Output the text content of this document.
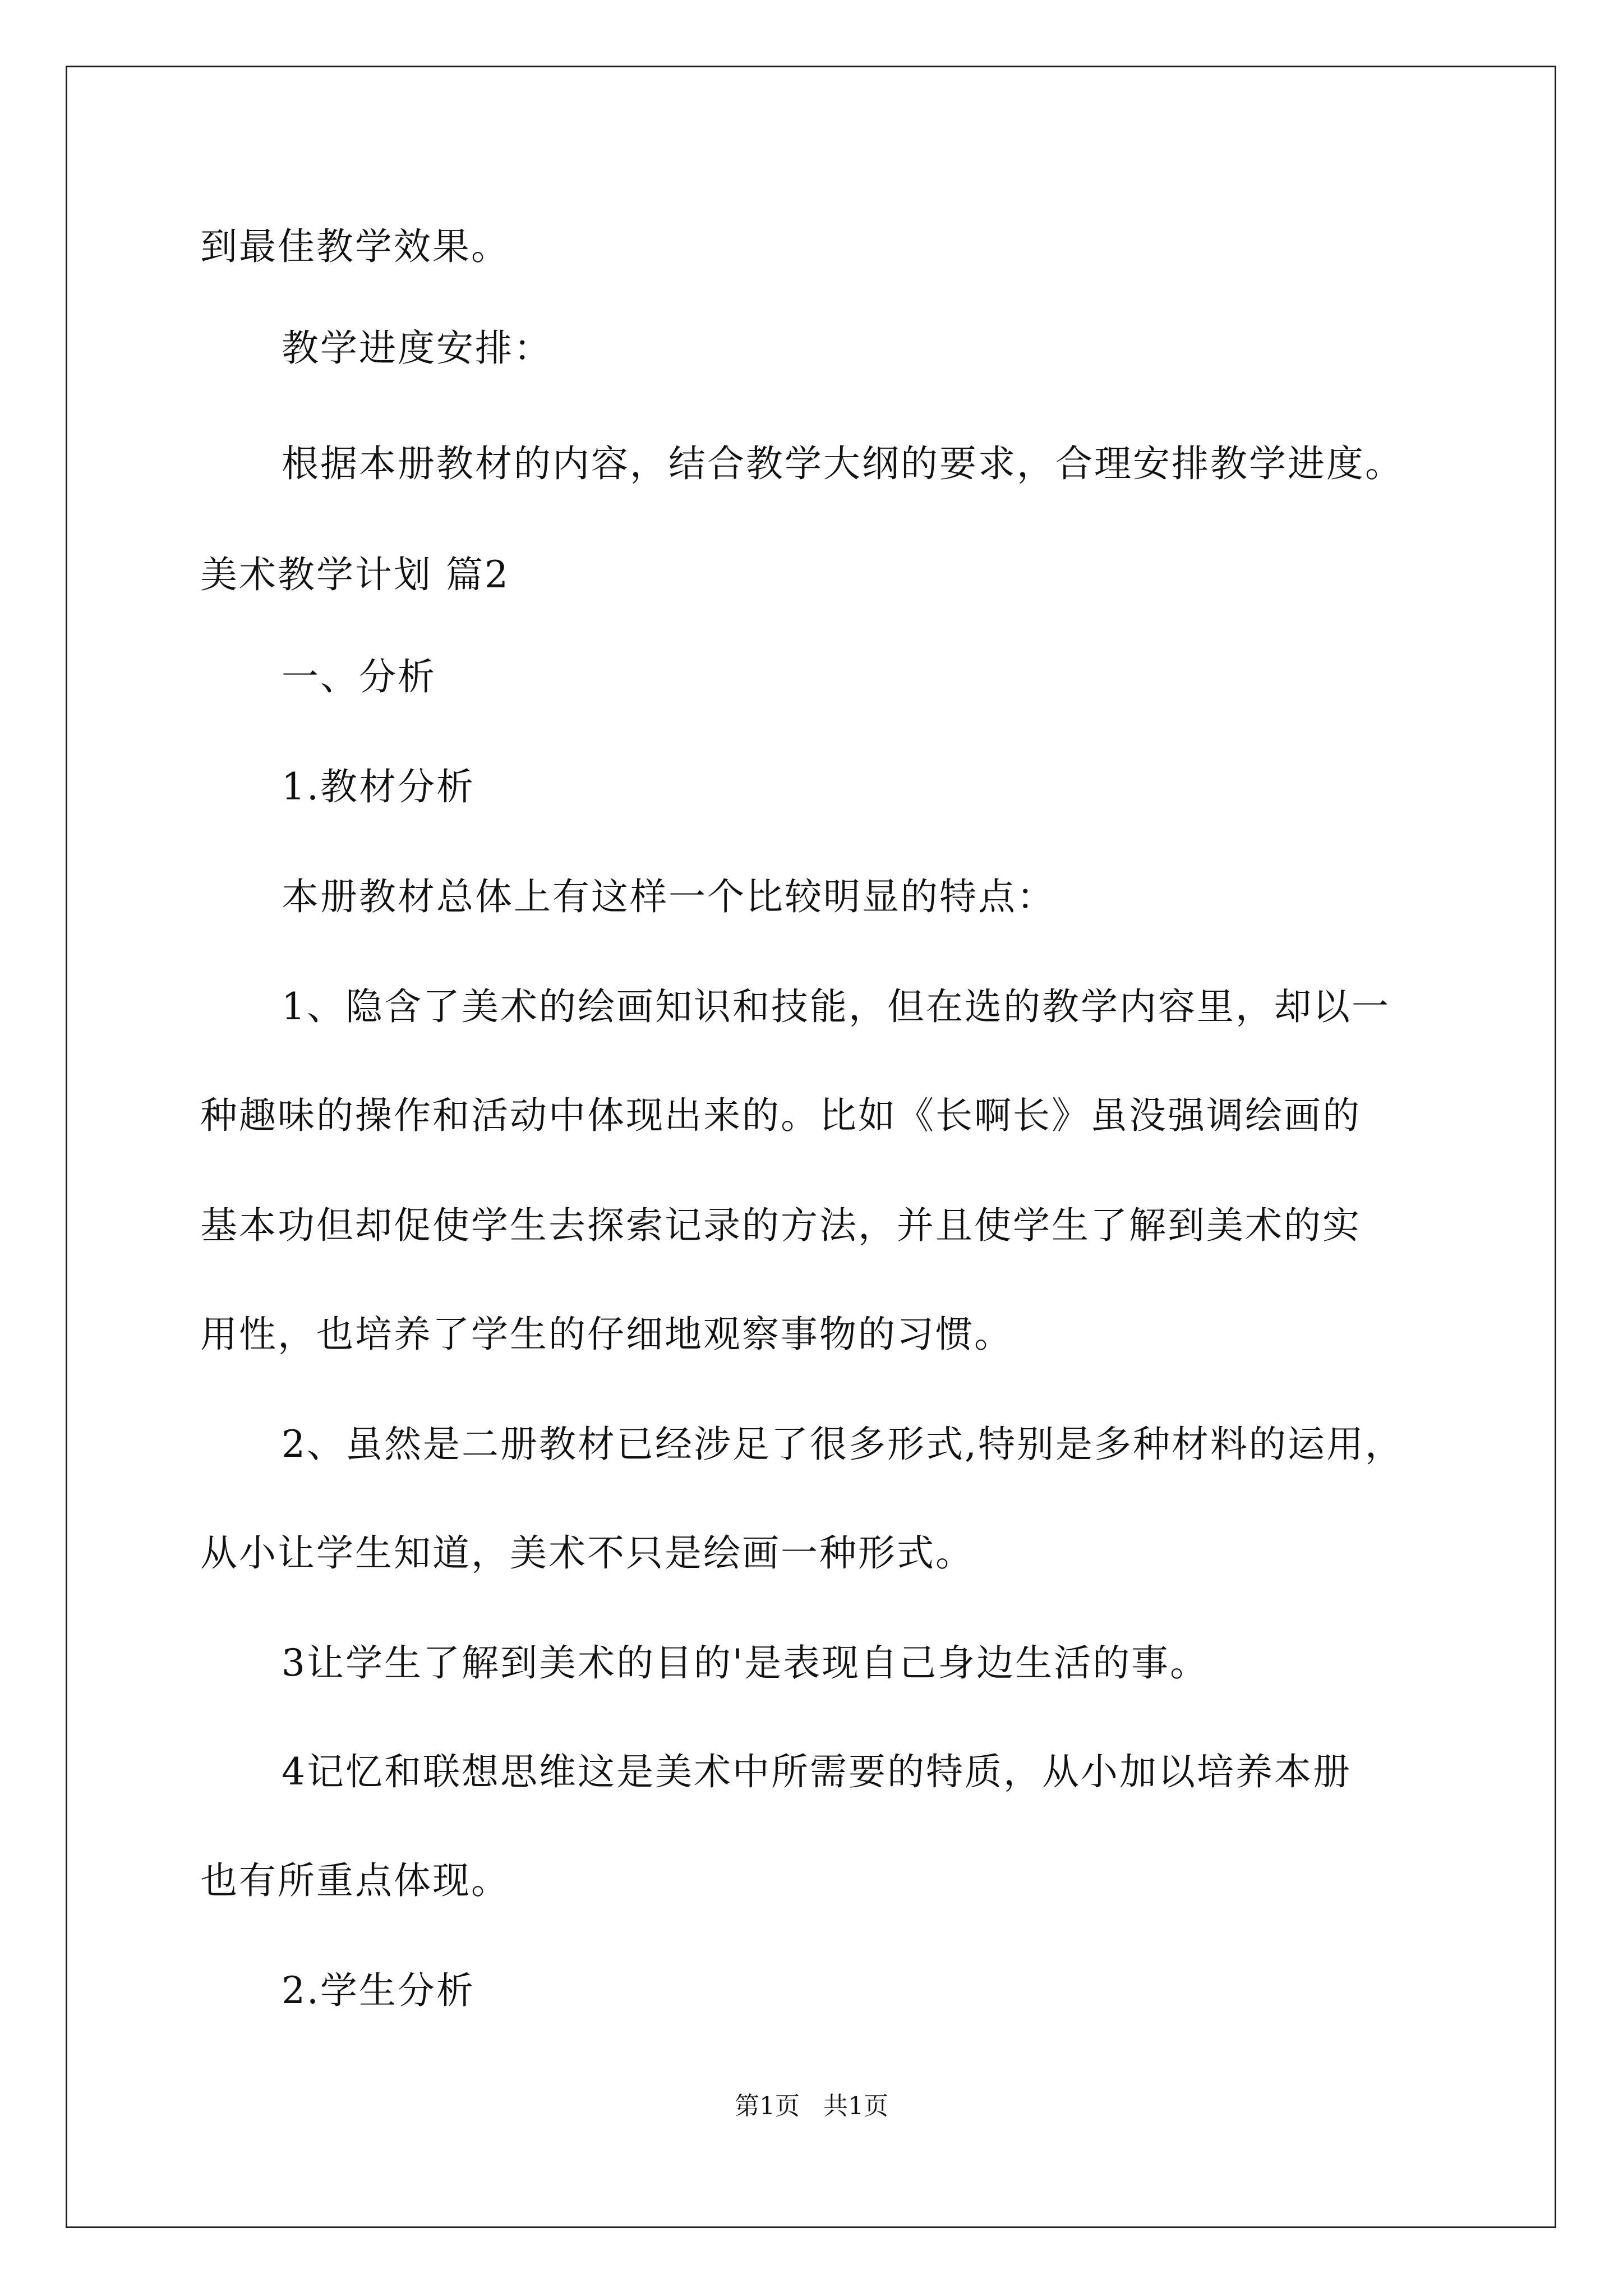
到最佳教学效果。
教学进度安排：
根据本册教材的内容，结合教学大纲的要求，合理安排教学进度。
美术教学计划 篇2
一、分析
1.教材分析
本册教材总体上有这样一个比较明显的特点：
1、隐含了美术的绘画知识和技能，但在选的教学内容里，却以一
种趣味的操作和活动中体现出来的。比如《长啊长》虽没强调绘画的
基本功但却促使学生去探索记录的方法，并且使学生了解到美术的实
用性，也培养了学生的仔细地观察事物的习惯。
2、虽然是二册教材已经涉足了很多形式,特别是多种材料的运用，
从小让学生知道，美术不只是绘画一种形式。
3让学生了解到美术的目的'是表现自己身边生活的事。
4记忆和联想思维这是美术中所需要的特质，从小加以培养本册
也有所重点体现。
2.学生分析
第1页 共1页
